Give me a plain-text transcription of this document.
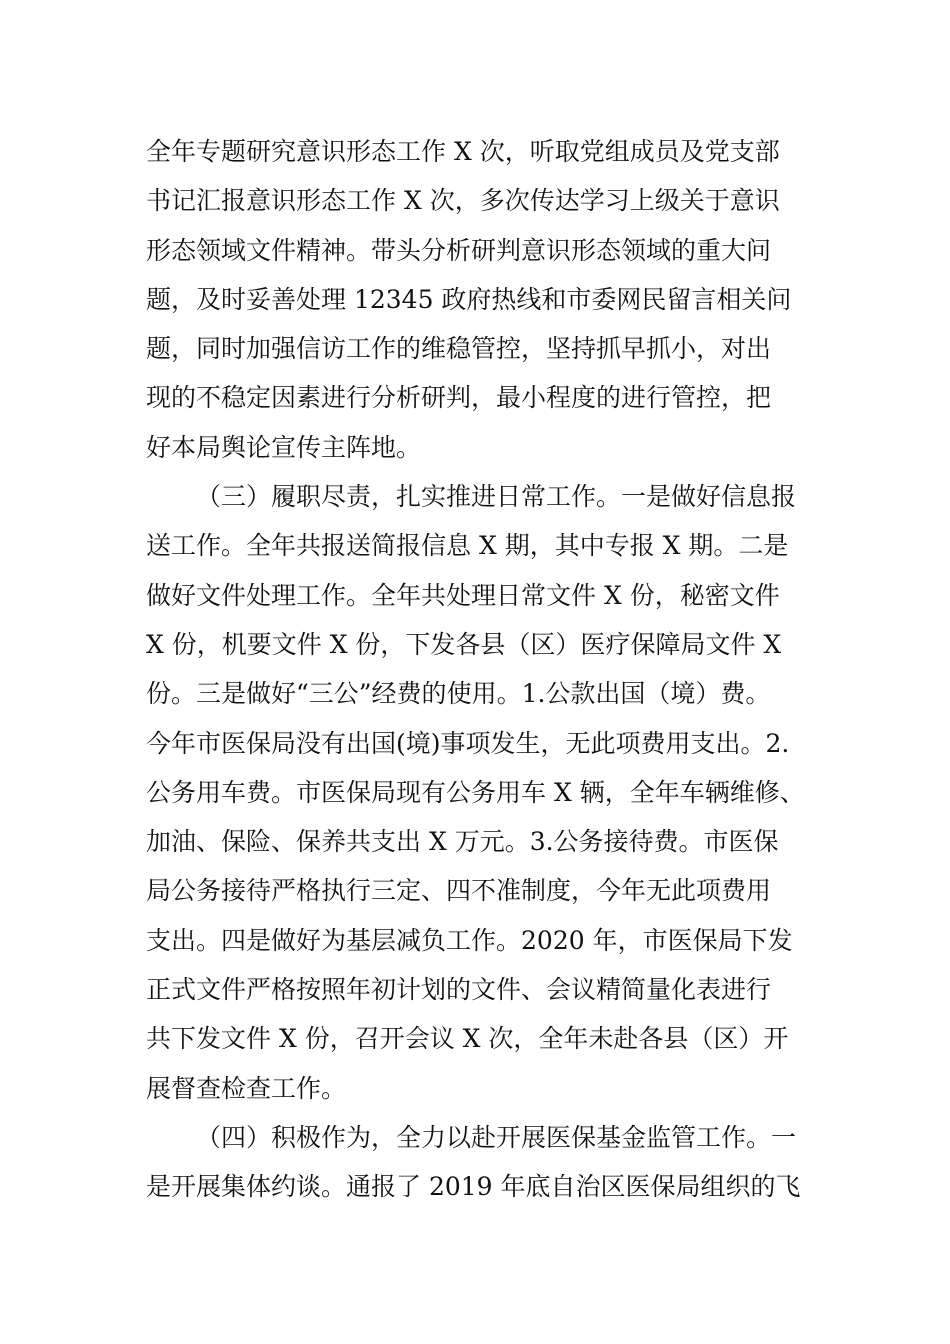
全年专题研究意识形态工作 X 次，听取党组成员及党支部
书记汇报意识形态工作 X 次，多次传达学习上级关于意识
形态领域文件精神。带头分析研判意识形态领域的重大问
题，及时妥善处理 12345 政府热线和市委网民留言相关问
题，同时加强信访工作的维稳管控，坚持抓早抓小，对出
现的不稳定因素进行分析研判，最小程度的进行管控，把
好本局舆论宣传主阵地。
（三）履职尽责，扎实推进日常工作。一是做好信息报
送工作。全年共报送简报信息 X 期，其中专报 X 期。二是
做好文件处理工作。全年共处理日常文件 X 份，秘密文件
X 份，机要文件 X 份，下发各县（区）医疗保障局文件 X
份。三是做好“三公”经费的使用。1.公款出国（境）费。
今年市医保局没有出国(境)事项发生，无此项费用支出。2.
公务用车费。市医保局现有公务用车 X 辆，全年车辆维修、
加油、保险、保养共支出 X 万元。3.公务接待费。市医保
局公务接待严格执行三定、四不准制度，今年无此项费用
支出。四是做好为基层减负工作。2020 年，市医保局下发
正式文件严格按照年初计划的文件、会议精简量化表进行
共下发文件 X 份，召开会议 X 次，全年未赴各县（区）开
展督查检查工作。
（四）积极作为，全力以赴开展医保基金监管工作。一
是开展集体约谈。通报了 2019 年底自治区医保局组织的飞
